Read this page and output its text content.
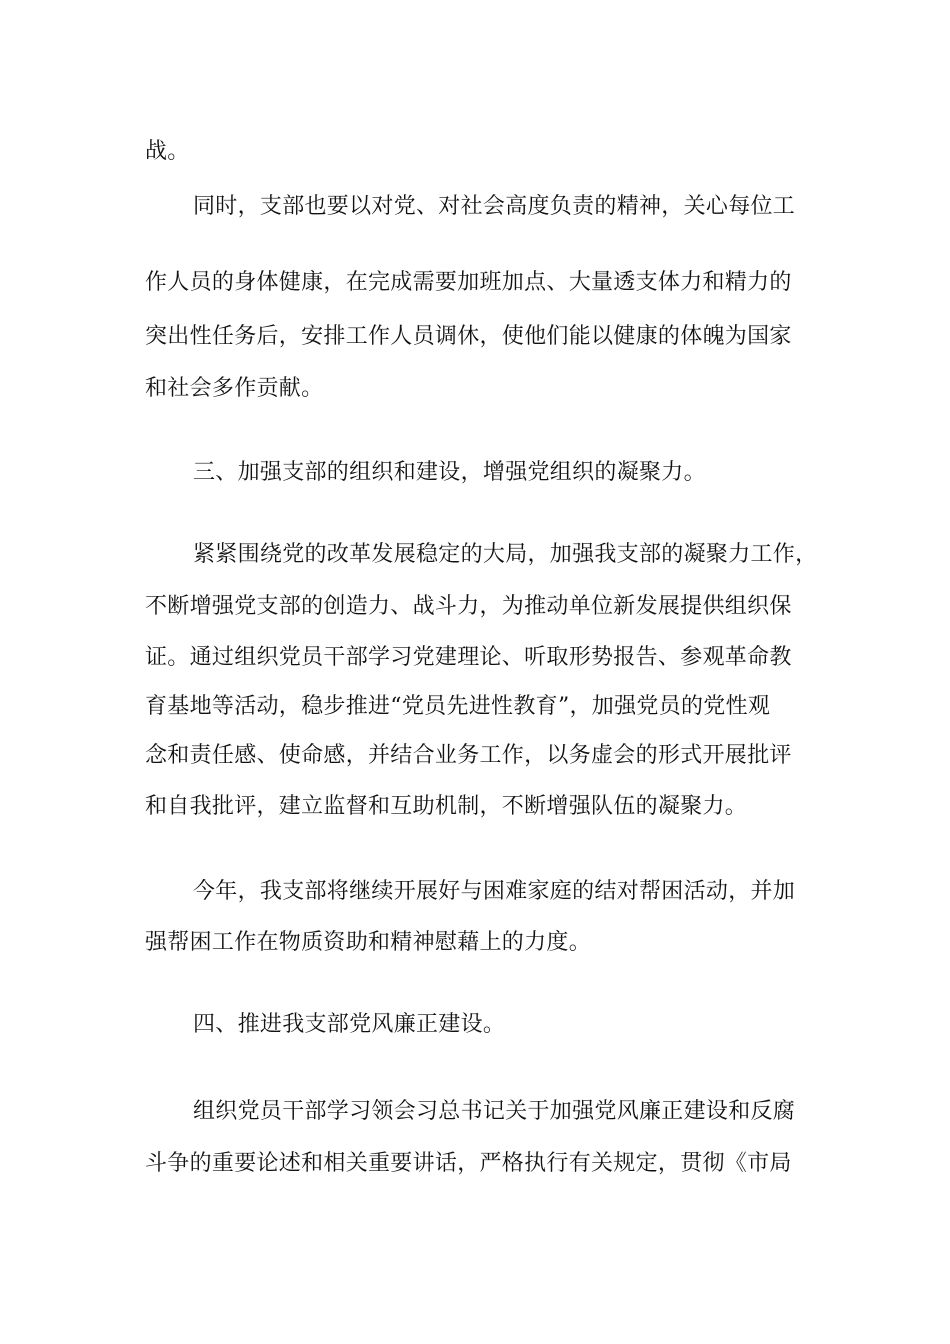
战。
同时，支部也要以对党、对社会高度负责的精神，关心每位工
作人员的身体健康，在完成需要加班加点、大量透支体力和精力的
突出性任务后，安排工作人员调休，使他们能以健康的体魄为国家
和社会多作贡献。
三、加强支部的组织和建设，增强党组织的凝聚力。
紧紧围绕党的改革发展稳定的大局，加强我支部的凝聚力工作，
不断增强党支部的创造力、战斗力，为推动单位新发展提供组织保
证。通过组织党员干部学习党建理论、听取形势报告、参观革命教
育基地等活动，稳步推进“党员先进性教育”，加强党员的党性观
念和责任感、使命感，并结合业务工作，以务虚会的形式开展批评
和自我批评，建立监督和互助机制，不断增强队伍的凝聚力。
今年，我支部将继续开展好与困难家庭的结对帮困活动，并加
强帮困工作在物质资助和精神慰藉上的力度。
四、推进我支部党风廉正建设。
组织党员干部学习领会习总书记关于加强党风廉正建设和反腐
斗争的重要论述和相关重要讲话，严格执行有关规定，贯彻《市局
